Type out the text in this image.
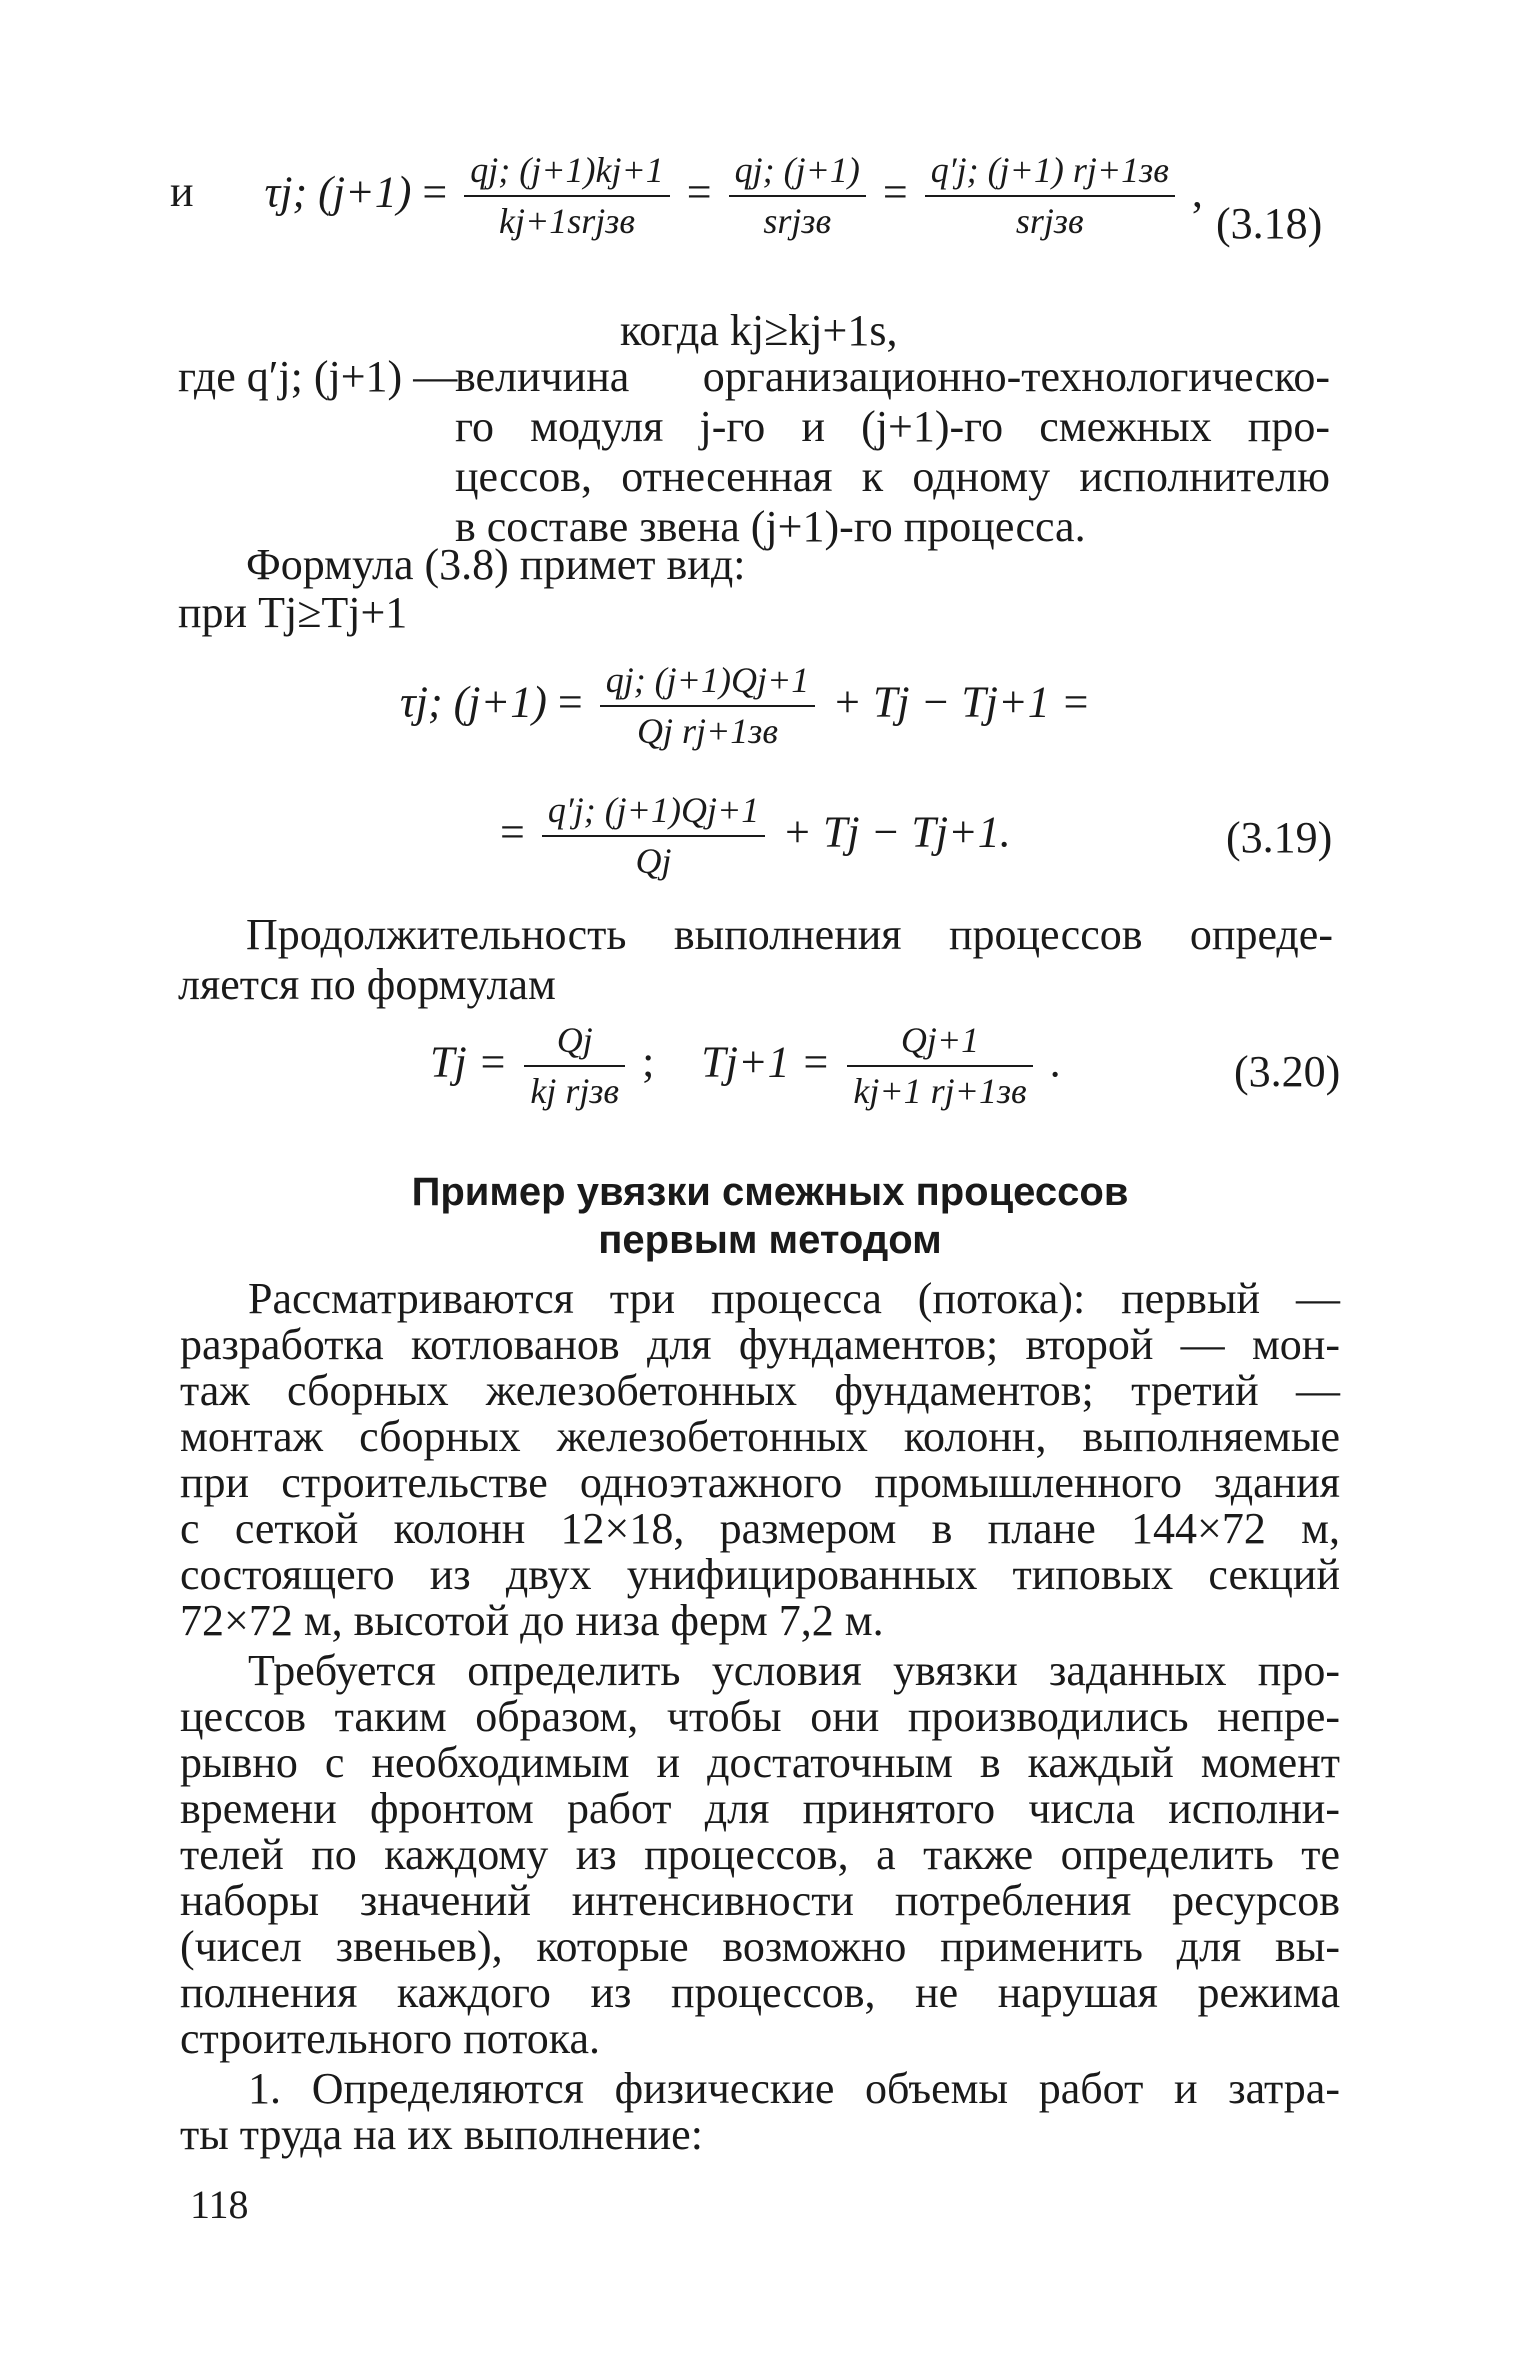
и τj; $(j+1) = \frac{qj; (j+1)kj+1}{\text{kj+1srjзв}} = \frac{qj; (j+1)}{\text{srjзв}} = \frac{q'j; (j+1) rj+1зв}{\text{srjзв}}$ ,
(3.18)
когда kj≥kj+1s,
где q′j; (j+1) —
величина организационно-технологическо-
го модуля j-го и (j+1)-го смежных про-
цессов, отнесенная к одному исполнителю
в составе звена (j+1)-го процесса.
Формула (3.8) примет вид:
при Tj≥Tj+1
τj; $(j+1) = \frac{qj; (j+1)Qj+1}{\text{Qj rj+1зв}} + Tj - Tj+1$ =
= $\frac{q'j; (j+1)Qj+1}{Qj} + Tj - Tj+1$.	(3.19)
Продолжительность выполнения процессов опреде-
ляется по формулам
$Tj = \frac{Qj}{\text{kj rjзв}}$ ; $Tj+1 = \frac{Qj+1}{kj+1 rj+1зв}$ .	(3.20)
Пример увязки смежных процессов
первым методом
Рассматриваются три процесса (потока): первый —
разработка котлованов для фундаментов; второй — мон-
таж сборных железобетонных фундаментов; третий —
монтаж сборных железобетонных колонн, выполняемые
при строительстве одноэтажного промышленного здания
с сеткой колонн 12×18, размером в плане 144×72 м,
состоящего из двух унифицированных типовых секций
72×72 м, высотой до низа ферм 7,2 м.
Требуется определить условия увязки заданных про-
цессов таким образом, чтобы они производились непре-
рывно с необходимым и достаточным в каждый момент
времени фронтом работ для принятого числа исполни-
телей по каждому из процессов, а также определить те
наборы значений интенсивности потребления ресурсов
(чисел звеньев), которые возможно применить для вы-
полнения каждого из процессов, не нарушая режима
строительного потока.
1. Определяются физические объемы работ и затра-
ты труда на их выполнение:
118
